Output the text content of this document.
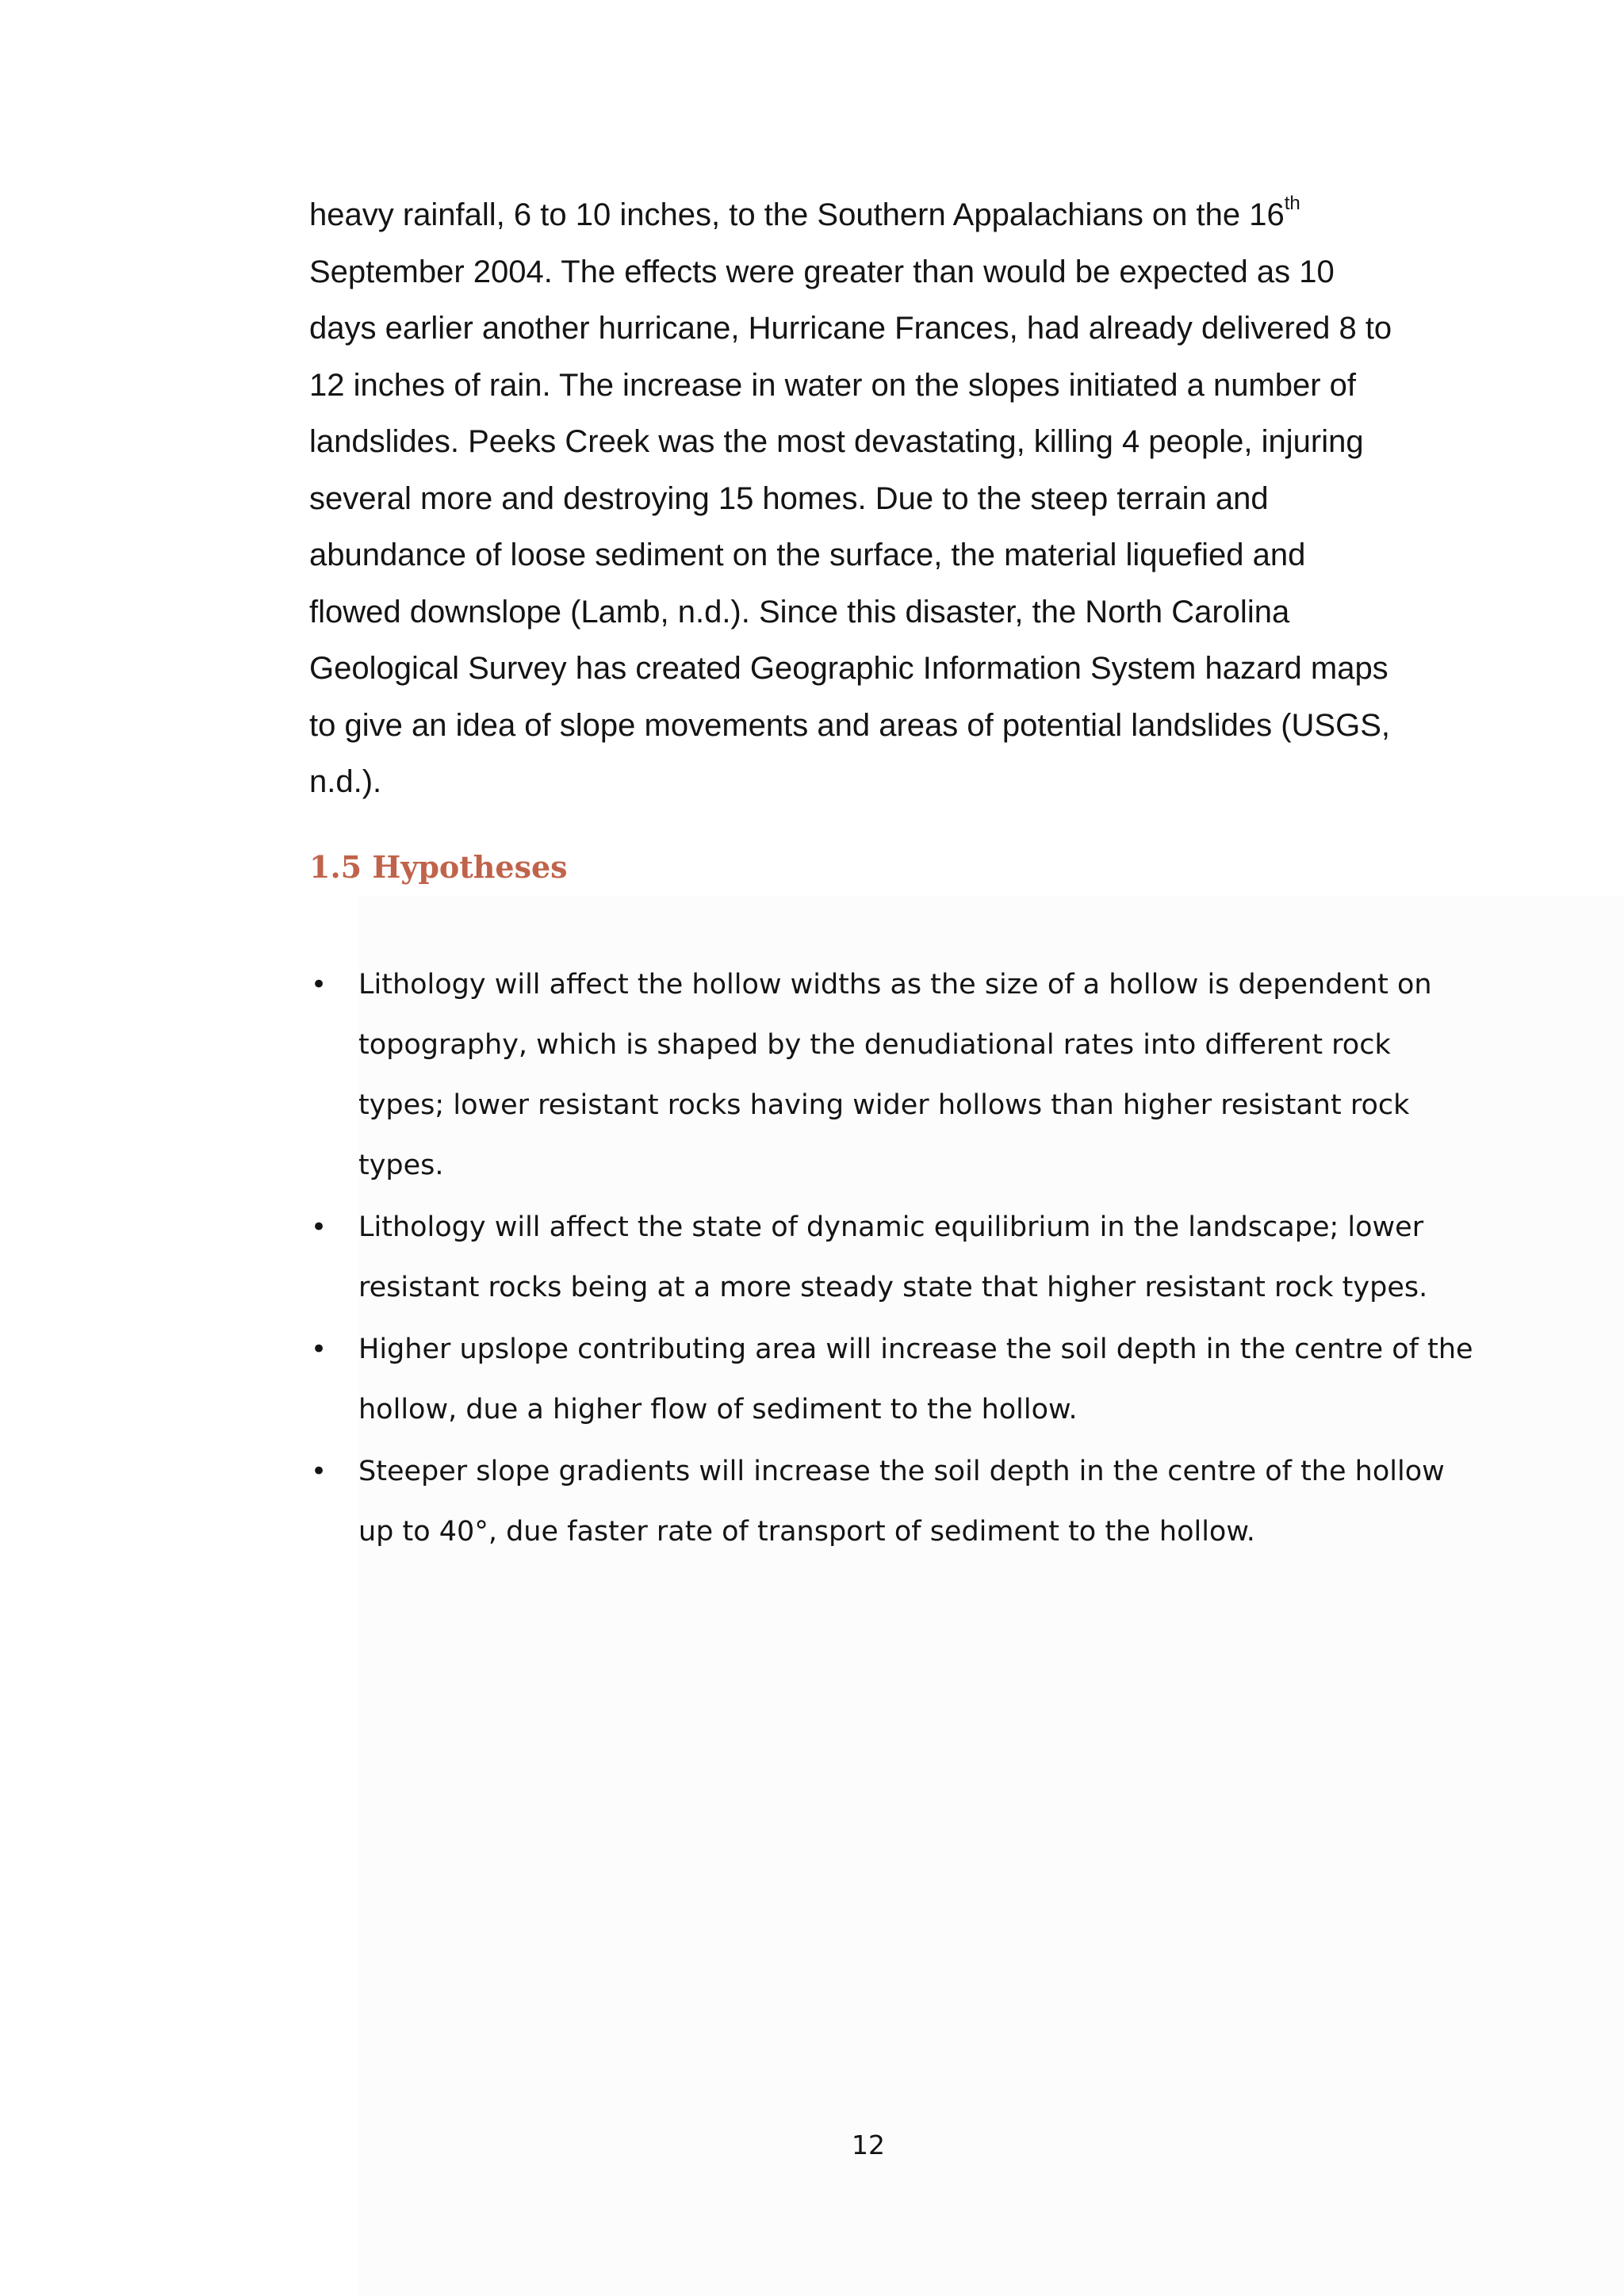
heavy rainfall, 6 to 10 inches, to the Southern Appalachians on the 16th
September 2004. The effects were greater than would be expected as 10
days earlier another hurricane, Hurricane Frances, had already delivered 8 to
12 inches of rain. The increase in water on the slopes initiated a number of
landslides. Peeks Creek was the most devastating, killing 4 people, injuring
several more and destroying 15 homes. Due to the steep terrain and
abundance of loose sediment on the surface, the material liquefied and
flowed downslope (Lamb, n.d.). Since this disaster, the North Carolina
Geological Survey has created Geographic Information System hazard maps
to give an idea of slope movements and areas of potential landslides (USGS,
n.d.).

1.5 Hypotheses
• Lithology will affect the hollow widths as the size of a hollow is dependent on
topography, which is shaped by the denudiational rates into different rock
types; lower resistant rocks having wider hollows than higher resistant rock
types.
• Lithology will affect the state of dynamic equilibrium in the landscape; lower
resistant rocks being at a more steady state that higher resistant rock types.
• Higher upslope contributing area will increase the soil depth in the centre of the
hollow, due a higher flow of sediment to the hollow.
• Steeper slope gradients will increase the soil depth in the centre of the hollow
up to 40°, due faster rate of transport of sediment to the hollow.
12
